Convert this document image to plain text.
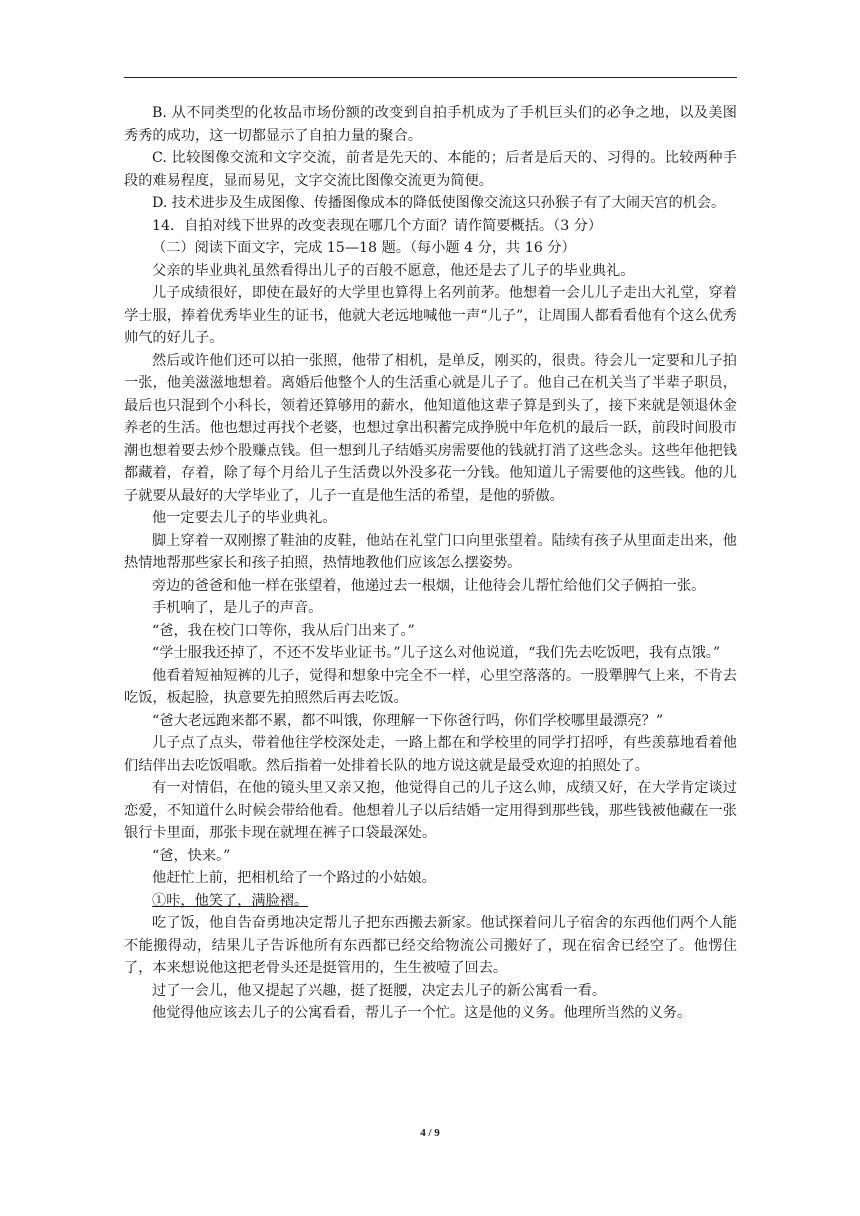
B. 从不同类型的化妆品市场份额的改变到自拍手机成为了手机巨头们的必争之地，以及美图秀秀的成功，这一切都显示了自拍力量的聚合。

C. 比较图像交流和文字交流，前者是先天的、本能的；后者是后天的、习得的。比较两种手段的难易程度，显而易见，文字交流比图像交流更为简便。

D. 技术进步及生成图像、传播图像成本的降低使图像交流这只孙猴子有了大闹天宫的机会。

14．自拍对线下世界的改变表现在哪几个方面？请作简要概括。（3 分）

（二）阅读下面文字，完成 15—18 题。（每小题 4 分，共 16 分）

父亲的毕业典礼虽然看得出儿子的百般不愿意，他还是去了儿子的毕业典礼。

儿子成绩很好，即使在最好的大学里也算得上名列前茅。他想着一会儿儿子走出大礼堂，穿着学士服，捧着优秀毕业生的证书，他就大老远地喊他一声“儿子”，让周围人都看看他有个这么优秀帅气的好儿子。

然后或许他们还可以拍一张照，他带了相机，是单反，刚买的，很贵。待会儿一定要和儿子拍一张，他美滋滋地想着。离婚后他整个人的生活重心就是儿子了。他自己在机关当了半辈子职员，最后也只混到个小科长，领着还算够用的薪水，他知道他这辈子算是到头了，接下来就是领退休金养老的生活。他也想过再找个老婆，也想过拿出积蓄完成挣脱中年危机的最后一跃，前段时间股市潮也想着要去炒个股赚点钱。但一想到儿子结婚买房需要他的钱就打消了这些念头。这些年他把钱都藏着，存着，除了每个月给儿子生活费以外没多花一分钱。他知道儿子需要他的这些钱。他的儿子就要从最好的大学毕业了，儿子一直是他生活的希望，是他的骄傲。

他一定要去儿子的毕业典礼。

脚上穿着一双刚擦了鞋油的皮鞋，他站在礼堂门口向里张望着。陆续有孩子从里面走出来，他热情地帮那些家长和孩子拍照，热情地教他们应该怎么摆姿势。

旁边的爸爸和他一样在张望着，他递过去一根烟，让他待会儿帮忙给他们父子俩拍一张。

手机响了，是儿子的声音。

“爸，我在校门口等你，我从后门出来了。”

“学士服我还掉了，不还不发毕业证书。”儿子这么对他说道，“我们先去吃饭吧，我有点饿。”

他看着短袖短裤的儿子，觉得和想象中完全不一样，心里空落落的。一股犟脾气上来，不肯去吃饭，板起脸，执意要先拍照然后再去吃饭。

“爸大老远跑来都不累，都不叫饿，你理解一下你爸行吗，你们学校哪里最漂亮？”

儿子点了点头，带着他往学校深处走，一路上都在和学校里的同学打招呼，有些羡慕地看着他们结伴出去吃饭唱歌。然后指着一处排着长队的地方说这就是最受欢迎的拍照处了。

有一对情侣，在他的镜头里又亲又抱，他觉得自己的儿子这么帅，成绩又好，在大学肯定谈过恋爱，不知道什么时候会带给他看。他想着儿子以后结婚一定用得到那些钱，那些钱被他藏在一张银行卡里面，那张卡现在就埋在裤子口袋最深处。

“爸，快来。”

他赶忙上前，把相机给了一个路过的小姑娘。

①咔，他笑了，满脸褶。

吃了饭，他自告奋勇地决定帮儿子把东西搬去新家。他试探着问儿子宿舍的东西他们两个人能不能搬得动，结果儿子告诉他所有东西都已经交给物流公司搬好了，现在宿舍已经空了。他愣住了，本来想说他这把老骨头还是挺管用的，生生被噎了回去。

过了一会儿，他又提起了兴趣，挺了挺腰，决定去儿子的新公寓看一看。

他觉得他应该去儿子的公寓看看，帮儿子一个忙。这是他的义务。他理所当然的义务。

4 / 9
